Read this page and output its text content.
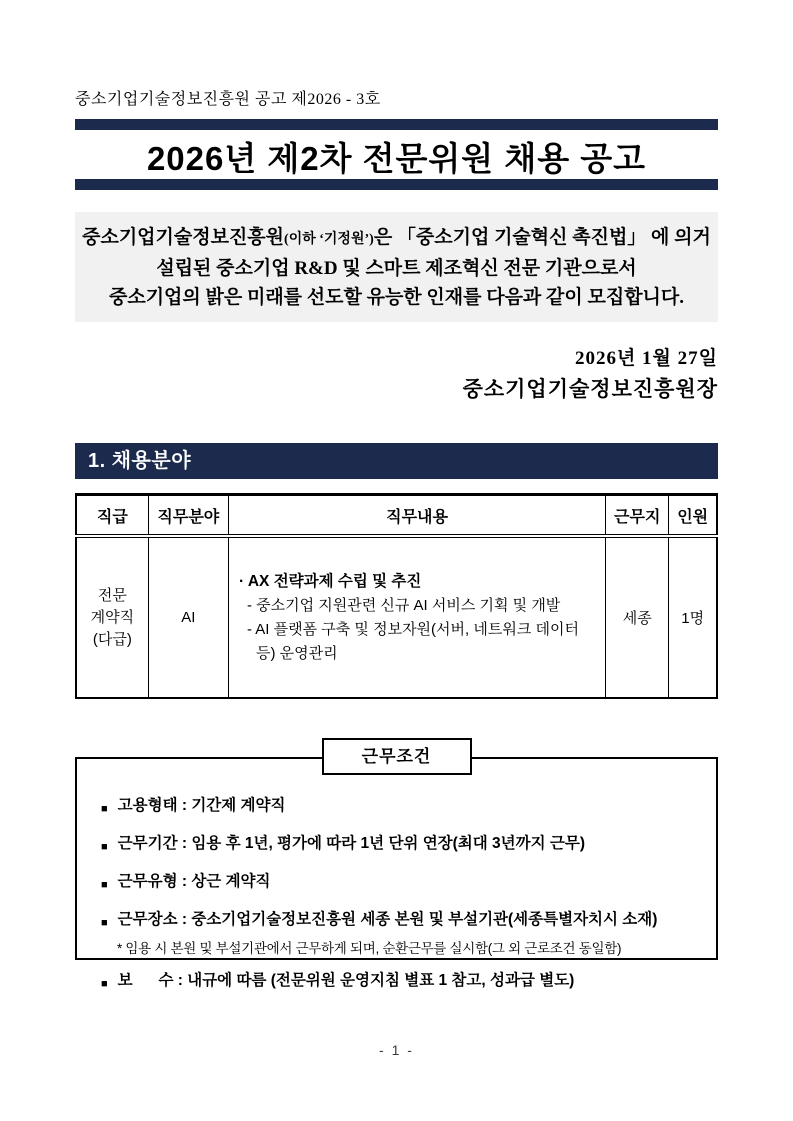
중소기업기술정보진흥원 공고 제2026 - 3호
2026년 제2차 전문위원 채용 공고
중소기업기술정보진흥원(이하 ‘기정원’)은 「중소기업 기술혁신 촉진법」 에 의거
설립된 중소기업 R&D 및 스마트 제조혁신 전문 기관으로서
중소기업의 밝은 미래를 선도할 유능한 인재를 다음과 같이 모집합니다.
2026년 1월 27일
중소기업기술정보진흥원장
1. 채용분야
직급	직무분야	직무내용	근무지	인원

전문
계약직
(다급)
	AI	
· AX 전략과제 수립 및 추진
- 중소기업 지원관련 신규 AI 서비스 기획 및 개발
- AI 플랫폼 구축 및 정보자원(서버, 네트워크 데이터 등) 운영관리
	세종	1명
근무조건
■ 고용형태 : 기간제 계약직
■ 근무기간 : 임용 후 1년, 평가에 따라 1년 단위 연장(최대 3년까지 근무)
■ 근무유형 : 상근 계약직
■ 근무장소 : 중소기업기술정보진흥원 세종 본원 및 부설기관(세종특별자치시 소재)
* 임용 시 본원 및 부설기관에서 근무하게 되며, 순환근무를 실시함(그 외 근로조건 동일함)
■ 보      수 : 내규에 따름 (전문위원 운영지침 별표 1 참고, 성과급 별도)
- 1 -
